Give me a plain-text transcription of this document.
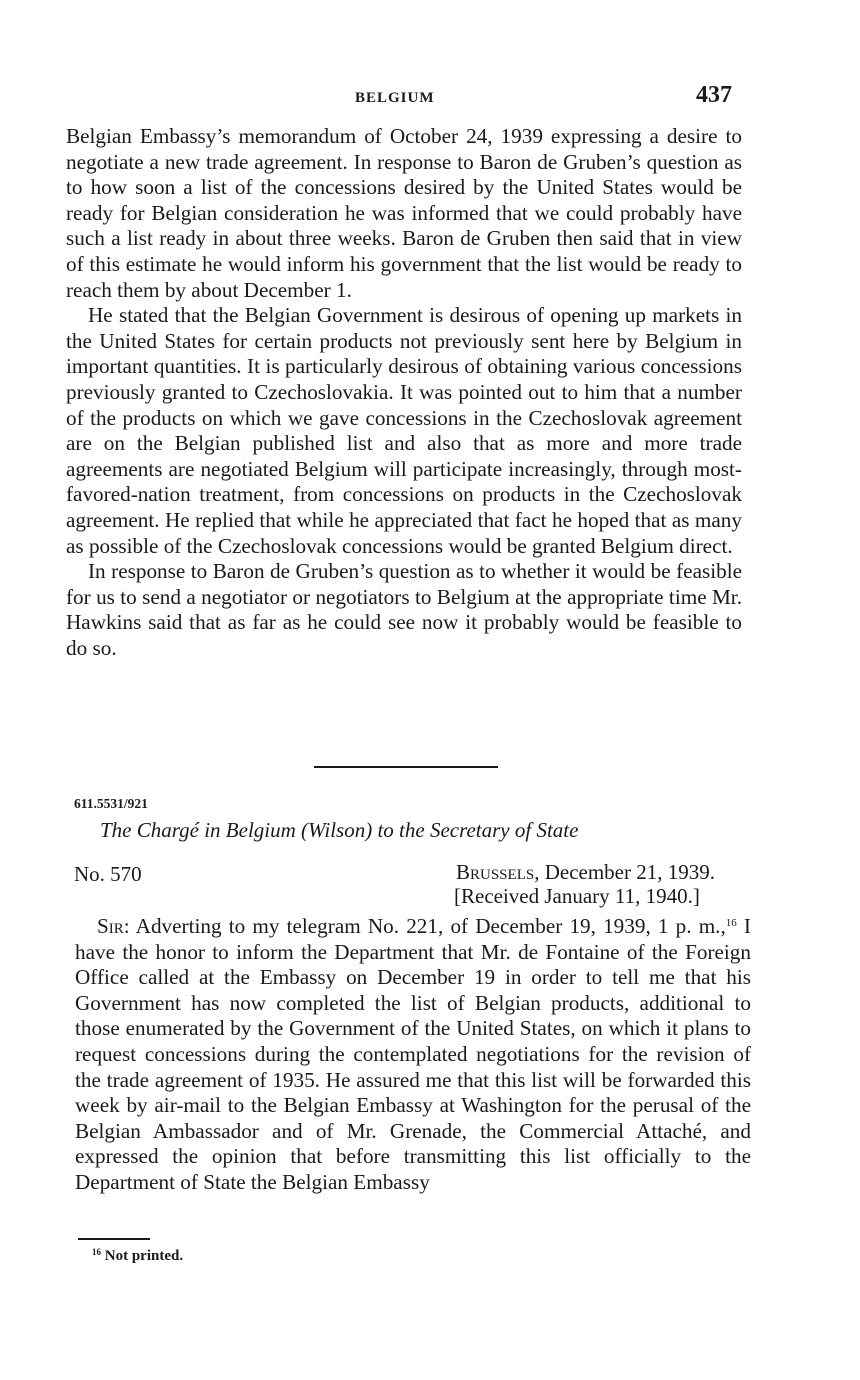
BELGIUM	437

Belgian Embassy’s memorandum of October 24, 1939 expressing a desire to negotiate a new trade agreement. In response to Baron de Gruben’s question as to how soon a list of the concessions desired by the United States would be ready for Belgian consideration he was informed that we could probably have such a list ready in about three weeks. Baron de Gruben then said that in view of this estimate he would inform his government that the list would be ready to reach them by about December 1.

He stated that the Belgian Government is desirous of opening up markets in the United States for certain products not previously sent here by Belgium in important quantities. It is particularly desirous of obtaining various concessions previously granted to Czechoslovakia. It was pointed out to him that a number of the products on which we gave concessions in the Czechoslovak agreement are on the Belgian published list and also that as more and more trade agreements are negotiated Belgium will participate increasingly, through most-favored-nation treatment, from concessions on products in the Czechoslovak agreement. He replied that while he appreciated that fact he hoped that as many as possible of the Czechoslovak concessions would be granted Belgium direct.

In response to Baron de Gruben’s question as to whether it would be feasible for us to send a negotiator or negotiators to Belgium at the appropriate time Mr. Hawkins said that as far as he could see now it probably would be feasible to do so.

611.5531/921
The Chargé in Belgium (Wilson) to the Secretary of State
No. 570	Brussels, December 21, 1939.
[Received January 11, 1940.]

Sir: Adverting to my telegram No. 221, of December 19, 1939, 1 p. m.,$^{16}$ I have the honor to inform the Department that Mr. de Fontaine of the Foreign Office called at the Embassy on December 19 in order to tell me that his Government has now completed the list of Belgian products, additional to those enumerated by the Government of the United States, on which it plans to request concessions during the contemplated negotiations for the revision of the trade agreement of 1935. He assured me that this list will be forwarded this week by air-mail to the Belgian Embassy at Washington for the perusal of the Belgian Ambassador and of Mr. Grenade, the Commercial Attaché, and expressed the opinion that before transmitting this list officially to the Department of State the Belgian Embassy

$^{16}$ Not printed.
